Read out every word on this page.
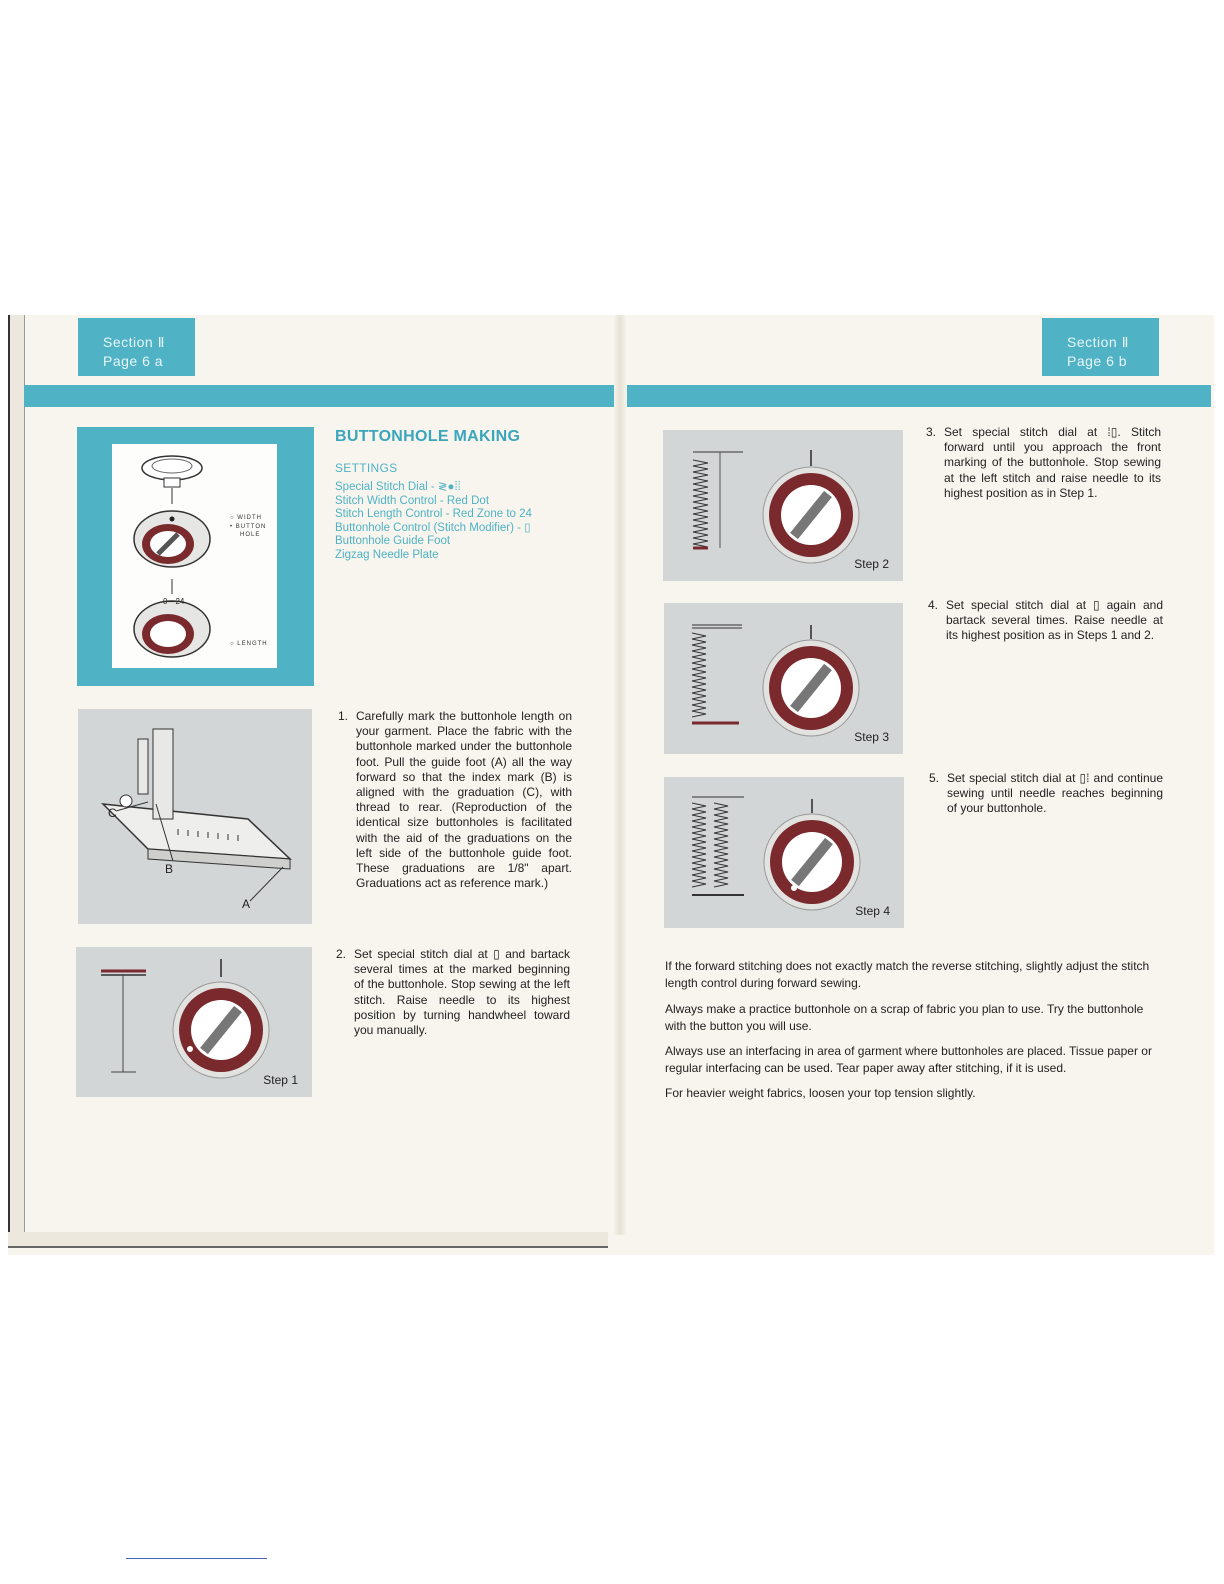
Section Ⅱ
Page 6 a
○ WIDTH
• BUTTON
HOLE
0—24
○ LENGTH
BUTTONHOLE MAKING
SETTINGS
Special Stitch Dial - ≷●⁞⁞
Stitch Width Control - Red Dot
Stitch Length Control - Red Zone to 24
Buttonhole Control (Stitch Modifier) - ▯
Buttonhole Guide Foot
Zigzag Needle Plate
C
B
A
1. Carefully mark the buttonhole length on your garment. Place the fabric with the buttonhole marked under the buttonhole foot. Pull the guide foot (A) all the way forward so that the index mark (B) is aligned with the graduation (C), with thread to rear. (Reproduction of the identical size buttonholes is facilitated with the aid of the graduations on the left side of the buttonhole guide foot. These graduations are 1/8" apart. Graduations act as reference mark.)
Step 1
2. Set special stitch dial at ▯ and bartack several times at the marked beginning of the buttonhole. Stop sewing at the left stitch. Raise needle to its highest position by turning handwheel toward you manually.
Section Ⅱ
Page 6 b
Step 2
3. Set special stitch dial at ⁞▯. Stitch forward until you approach the front marking of the buttonhole. Stop sewing at the left stitch and raise needle to its highest position as in Step 1.
Step 3
4. Set special stitch dial at ▯ again and bartack several times. Raise needle at its highest position as in Steps 1 and 2.
Step 4
5. Set special stitch dial at ▯⁞ and continue sewing until needle reaches beginning of your buttonhole.
If the forward stitching does not exactly match the reverse stitching, slightly adjust the stitch length control during forward sewing.
Always make a practice buttonhole on a scrap of fabric you plan to use. Try the buttonhole with the button you will use.
Always use an interfacing in area of garment where buttonholes are placed. Tissue paper or regular interfacing can be used. Tear paper away after stitching, if it is used.
For heavier weight fabrics, loosen your top tension slightly.
